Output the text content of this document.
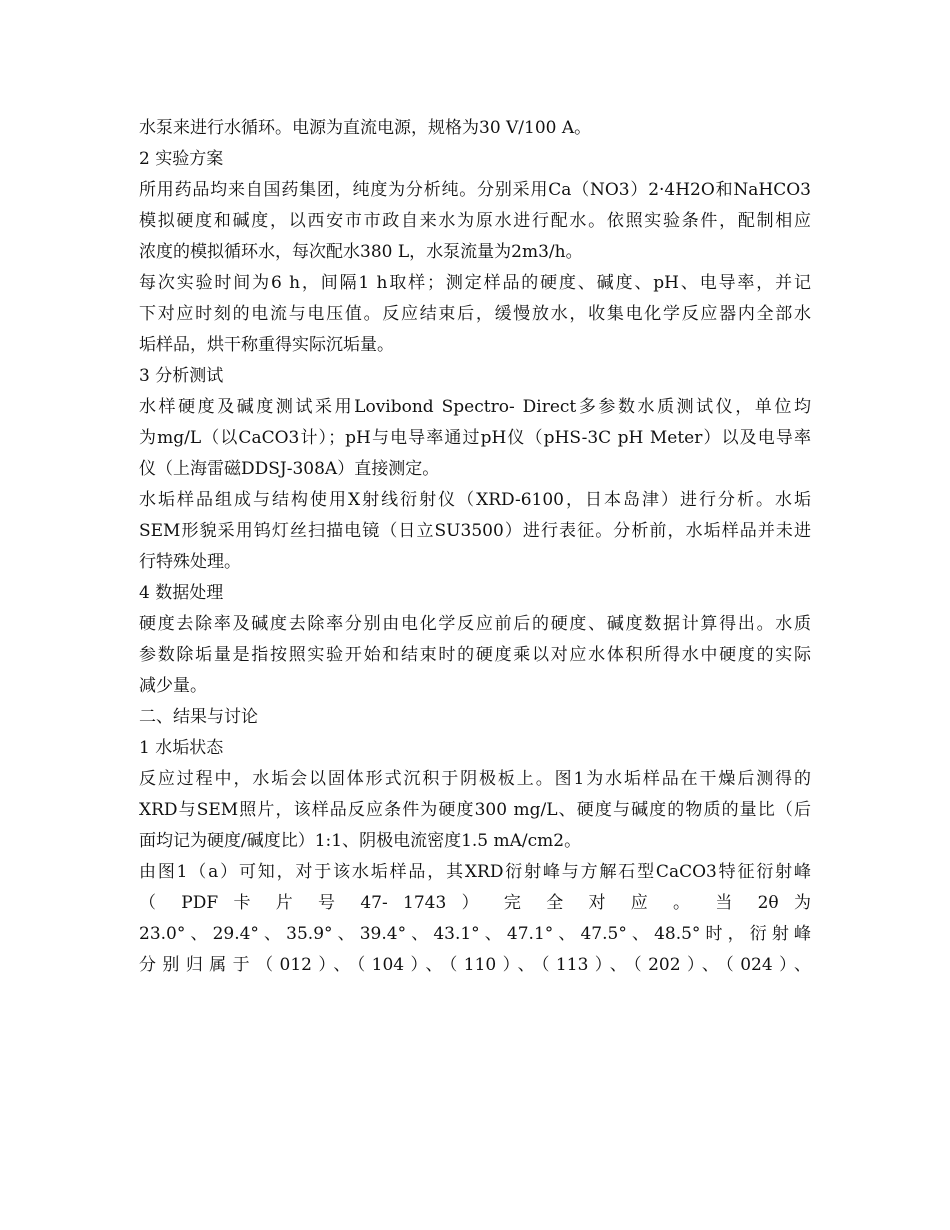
水泵来进行水循环。电源为直流电源，规格为30 V/100 A。
2 实验方案
所用药品均来自国药集团，纯度为分析纯。分别采用Ca（NO3）2·4H2O和NaHCO3
模拟硬度和碱度，以西安市市政自来水为原水进行配水。依照实验条件，配制相应
浓度的模拟循环水，每次配水380 L，水泵流量为2m3/h。
每次实验时间为6 h，间隔1 h取样；测定样品的硬度、碱度、pH、电导率，并记
下对应时刻的电流与电压值。反应结束后，缓慢放水，收集电化学反应器内全部水
垢样品，烘干称重得实际沉垢量。
3 分析测试
水样硬度及碱度测试采用Lovibond Spectro- Direct多参数水质测试仪，单位均
为mg/L（以CaCO3计）；pH与电导率通过pH仪（pHS-3C pH Meter）以及电导率
仪（上海雷磁DDSJ-308A）直接测定。
水垢样品组成与结构使用X射线衍射仪（XRD-6100，日本岛津）进行分析。水垢
SEM形貌采用钨灯丝扫描电镜（日立SU3500）进行表征。分析前，水垢样品并未进
行特殊处理。
4 数据处理
硬度去除率及碱度去除率分别由电化学反应前后的硬度、碱度数据计算得出。水质
参数除垢量是指按照实验开始和结束时的硬度乘以对应水体积所得水中硬度的实际
减少量。
二、结果与讨论
1 水垢状态
反应过程中，水垢会以固体形式沉积于阴极板上。图1为水垢样品在干燥后测得的
XRD与SEM照片，该样品反应条件为硬度300 mg/L、硬度与碱度的物质的量比（后
面均记为硬度/碱度比）1:1、阴极电流密度1.5 mA/cm2。
由图1（a）可知，对于该水垢样品，其XRD衍射峰与方解石型CaCO3特征衍射峰
（ PDF 卡 片 号 47- 1743 ） 完 全 对 应 。 当 2θ 为
23.0°、29.4°、35.9°、39.4°、43.1°、47.1°、47.5°、48.5°时，衍射峰
分别归属于（012）、（104）、（110）、（113）、（202）、（024）、
